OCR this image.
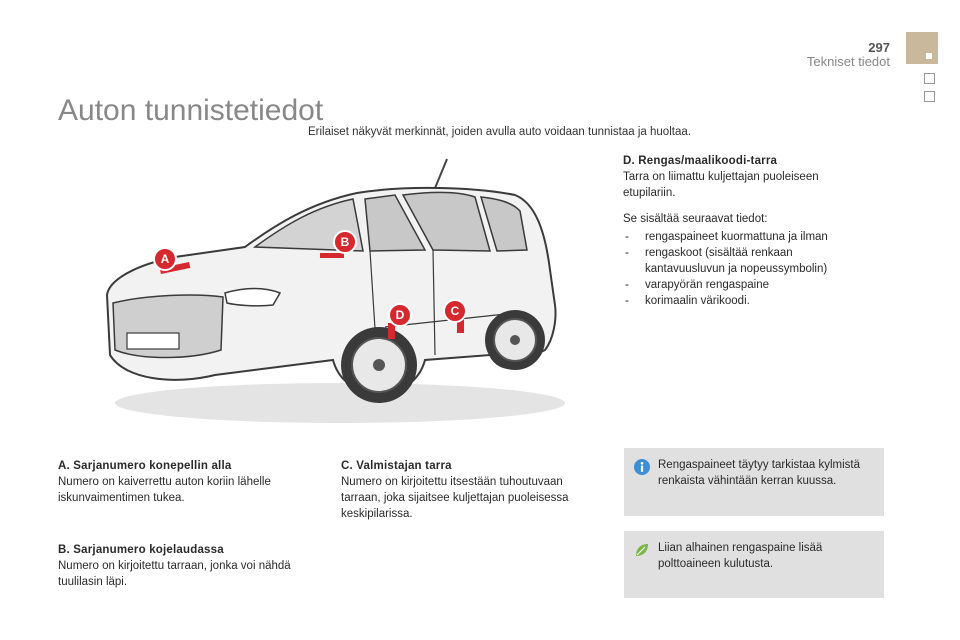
297
Tekniset tiedot
Auton tunnistetiedot
Erilaiset näkyvät merkinnät, joiden avulla auto voidaan tunnistaa ja huoltaa.
A
B
D	C
D. Rengas/maalikoodi-tarra

Tarra on liimattu kuljettajan puoleiseen etupilariin.

Se sisältää seuraavat tiedot:

- rengaspaineet kuormattuna ja ilman
- rengaskoot (sisältää renkaan kantavuusluvun ja nopeussymbolin)
- varapyörän rengaspaine
- korimaalin värikoodi.
A. Sarjanumero konepellin alla

Numero on kaiverrettu auton koriin lähelle iskunvaimentimen tukea.

B. Sarjanumero kojelaudassa

Numero on kirjoitettu tarraan, jonka voi nähdä tuulilasin läpi.

C. Valmistajan tarra

Numero on kirjoitettu itsestään tuhoutuvaan tarraan, joka sijaitsee kuljettajan puoleisessa keskipilarissa.

Rengaspaineet täytyy tarkistaa kylmistä renkaista vähintään kerran kuussa.
Liian alhainen rengaspaine lisää polttoaineen kulutusta.
